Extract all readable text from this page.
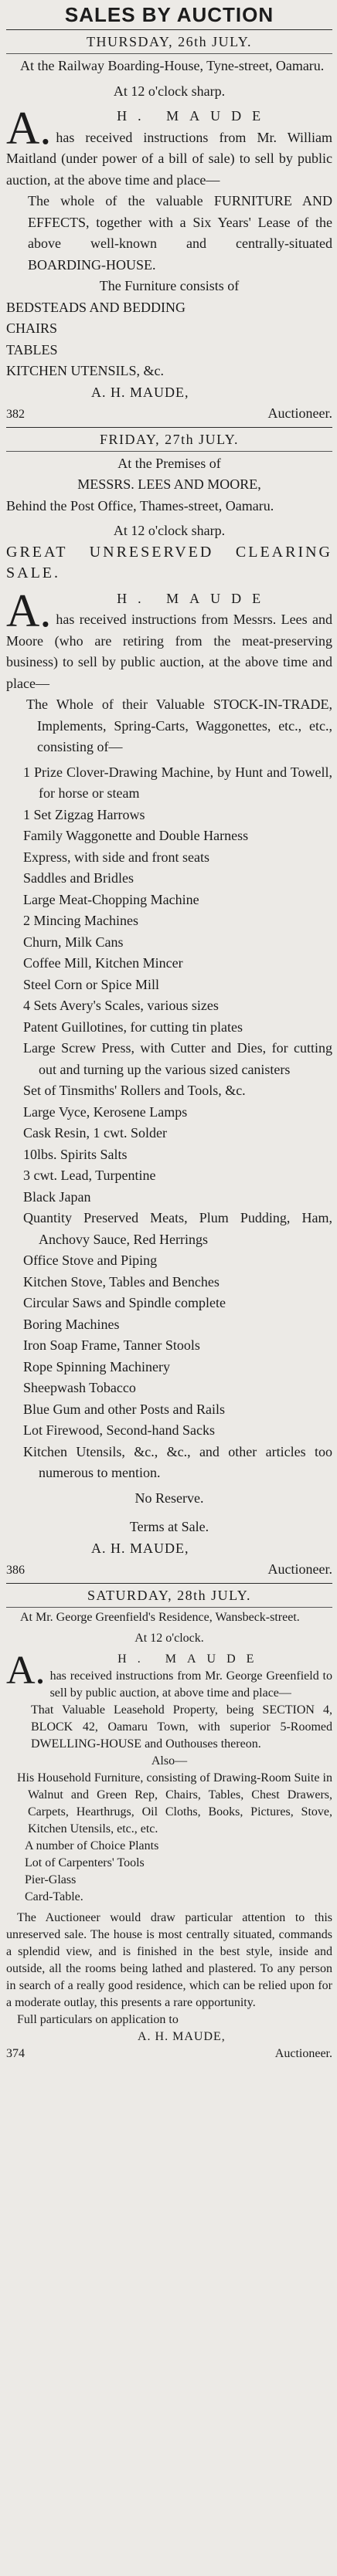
SALES BY AUCTION
THURSDAY, 26th JULY.
At the Railway Boarding-House, Tyne-street, Oamaru.
At 12 o'clock sharp.
A.	H. MAUDE
has received instructions from Mr. William Maitland (under power of a bill of sale) to sell by public auction, at the above time and place—
The whole of the valuable FURNITURE AND EFFECTS, together with a Six Years' Lease of the above well-known and centrally-situated BOARDING-HOUSE.
The Furniture consists of
BEDSTEADS AND BEDDING
CHAIRS
TABLES
KITCHEN UTENSILS, &c.
A. H. MAUDE,
382	Auctioneer.
FRIDAY, 27th JULY.
At the Premises of
MESSRS. LEES AND MOORE,
Behind the Post Office, Thames-street, Oamaru.
At 12 o'clock sharp.
GREAT UNRESERVED CLEARING SALE.
A.	H. MAUDE
has received instructions from Messrs. Lees and Moore (who are retiring from the meat-preserving business) to sell by public auction, at the above time and place—
The Whole of their Valuable STOCK-IN-TRADE, Implements, Spring-Carts, Waggonettes, etc., etc., consisting of—
1 Prize Clover-Drawing Machine, by Hunt and Towell, for horse or steam
1 Set Zigzag Harrows
Family Waggonette and Double Harness
Express, with side and front seats
Saddles and Bridles
Large Meat-Chopping Machine
2 Mincing Machines
Churn, Milk Cans
Coffee Mill, Kitchen Mincer
Steel Corn or Spice Mill
4 Sets Avery's Scales, various sizes
Patent Guillotines, for cutting tin plates
Large Screw Press, with Cutter and Dies, for cutting out and turning up the various sized canisters
Set of Tinsmiths' Rollers and Tools, &c.
Large Vyce, Kerosene Lamps
Cask Resin, 1 cwt. Solder
10lbs. Spirits Salts
3 cwt. Lead, Turpentine
Black Japan
Quantity Preserved Meats, Plum Pudding, Ham, Anchovy Sauce, Red Herrings
Office Stove and Piping
Kitchen Stove, Tables and Benches
Circular Saws and Spindle complete
Boring Machines
Iron Soap Frame, Tanner Stools
Rope Spinning Machinery
Sheepwash Tobacco
Blue Gum and other Posts and Rails
Lot Firewood, Second-hand Sacks
Kitchen Utensils, &c., &c., and other articles too numerous to mention.
No Reserve.
Terms at Sale.
A. H. MAUDE,
386	Auctioneer.
SATURDAY, 28th JULY.
At Mr. George Greenfield's Residence, Wansbeck-street.
At 12 o'clock.
A.	H. MAUDE
has received instructions from Mr. George Greenfield to sell by public auction, at above time and place—
That Valuable Leasehold Property, being SECTION 4, BLOCK 42, Oamaru Town, with superior 5-Roomed DWELLING-HOUSE and Outhouses thereon.
Also—
His Household Furniture, consisting of Drawing-Room Suite in Walnut and Green Rep, Chairs, Tables, Chest Drawers, Carpets, Hearthrugs, Oil Cloths, Books, Pictures, Stove, Kitchen Utensils, etc., etc.
A number of Choice Plants
Lot of Carpenters' Tools
Pier-Glass
Card-Table.
The Auctioneer would draw particular attention to this unreserved sale. The house is most centrally situated, commands a splendid view, and is finished in the best style, inside and outside, all the rooms being lathed and plastered. To any person in search of a really good residence, which can be relied upon for a moderate outlay, this presents a rare opportunity.
Full particulars on application to
A. H. MAUDE,
374	Auctioneer.
